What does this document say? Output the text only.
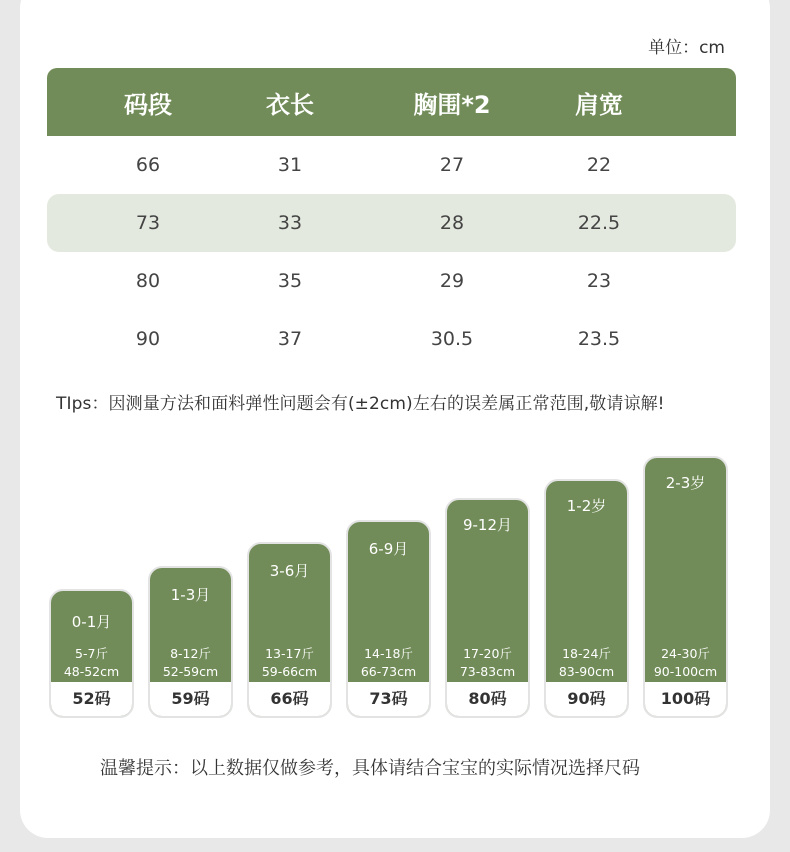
单位：cm
码段	衣长	胸围*2	肩宽
66	31	27	22
73	33	28	22.5
80	35	29	23
90	37	30.5	23.5
TIps：因测量方法和面料弹性问题会有(±2cm)左右的误差属正常范围,敬请谅解!
0-1月
5-7斤
48-52cm
52码
1-3月
8-12斤
52-59cm
59码
3-6月
13-17斤
59-66cm
66码
6-9月
14-18斤
66-73cm
73码
9-12月
17-20斤
73-83cm
80码
1-2岁
18-24斤
83-90cm
90码
2-3岁
24-30斤
90-100cm
100码
温馨提示：以上数据仅做参考，具体请结合宝宝的实际情况选择尺码
